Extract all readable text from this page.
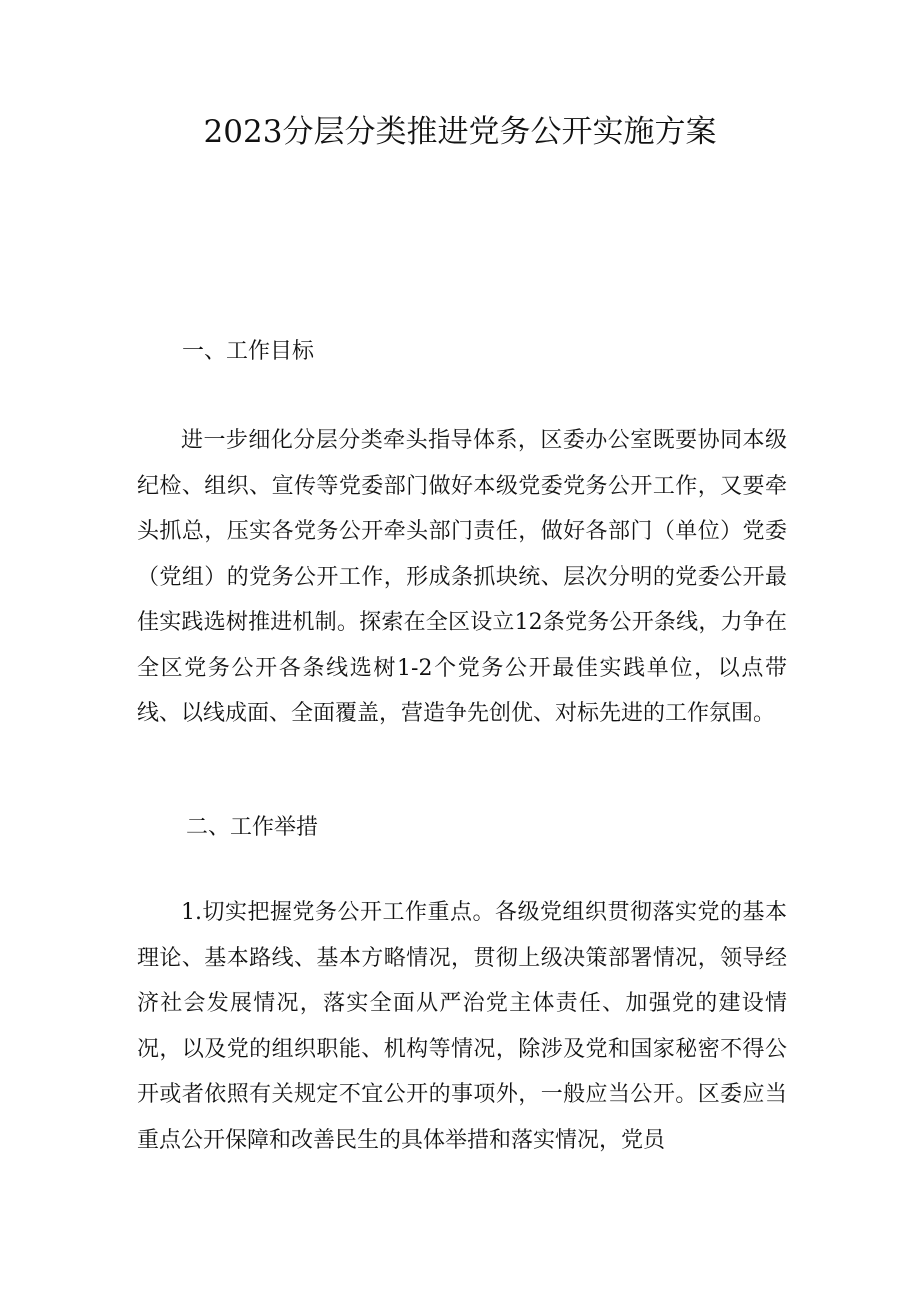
2023分层分类推进党务公开实施方案
一、工作目标

进一步细化分层分类牵头指导体系，区委办公室既要协同本级纪检、组织、宣传等党委部门做好本级党委党务公开工作，又要牵头抓总，压实各党务公开牵头部门责任，做好各部门（单位）党委（党组）的党务公开工作，形成条抓块统、层次分明的党委公开最佳实践选树推进机制。探索在全区设立12条党务公开条线，力争在全区党务公开各条线选树1-2个党务公开最佳实践单位，以点带线、以线成面、全面覆盖，营造争先创优、对标先进的工作氛围。

二、工作举措

1.切实把握党务公开工作重点。各级党组织贯彻落实党的基本理论、基本路线、基本方略情况，贯彻上级决策部署情况，领导经济社会发展情况，落实全面从严治党主体责任、加强党的建设情况，以及党的组织职能、机构等情况，除涉及党和国家秘密不得公开或者依照有关规定不宜公开的事项外，一般应当公开。区委应当重点公开保障和改善民生的具体举措和落实情况，党员
